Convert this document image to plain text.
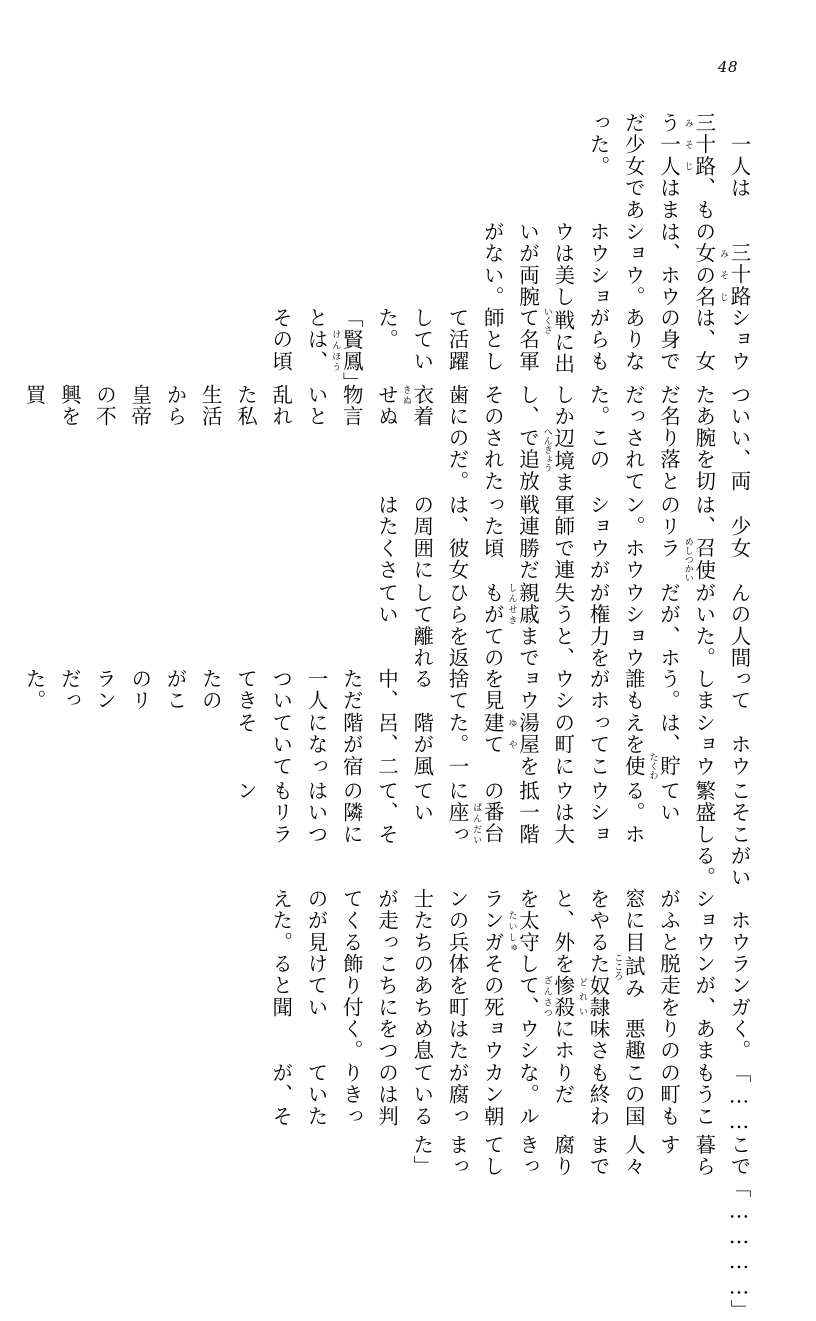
48
　一人は三十路みそじ、もう一人はまだ少女であった。
　三十路みそじの女の名は、ホウショウ。ホウショウは美しいが両腕がない。
ショウは、女の身でありながらも戦いくさに出て名軍師として活躍していた。「賢鳳けんほう」とは、その頃
ついたあだ名だった。しかし、その歯に衣きぬ着せぬ物言いと乱れた私生活から皇帝の不興を買
い、両腕を切り落とされてこの辺境へんきょうまで追放されたのだ。
　少女は、召使めしつかいのリラン。ホウショウが軍師で連戦連勝だった頃は、彼女の周囲にはたくさ
んの人間がいた。だが、ホウショウが権力を失うと、親戚しんせきまでもがてのひらを返して離れてい
ってしまう。誰もがホウショウを見捨てる中、ただ一人ついてきたのがこのリランだった。
　ホウショウは、貯たくわえを使ってこの町に湯屋ゆやを建てた。一階が風呂、二階が宿になっていてそ
こそこ繁盛している。ホウショウは大抵一階の番台ばんだいに座っていて、その隣にはいつもリラン
がいる。
　ホウショウがふと窓に目をやると、外を太守たいしゅランガンの兵士たちが走ってくるのが見えた。
ランガンが、脱走を試こころみた奴隷どれいを惨殺ざんさつして、その死体を町のあちこちに飾り付けていると聞
く。あまりの悪趣味さにホウショウはため息をつく。
「……もうこの町もこの国も終わりだな。ルカン朝が腐っているのは判りきっていたが、そ
こで暮らす人々まで腐りきってしまった」
「…………」
